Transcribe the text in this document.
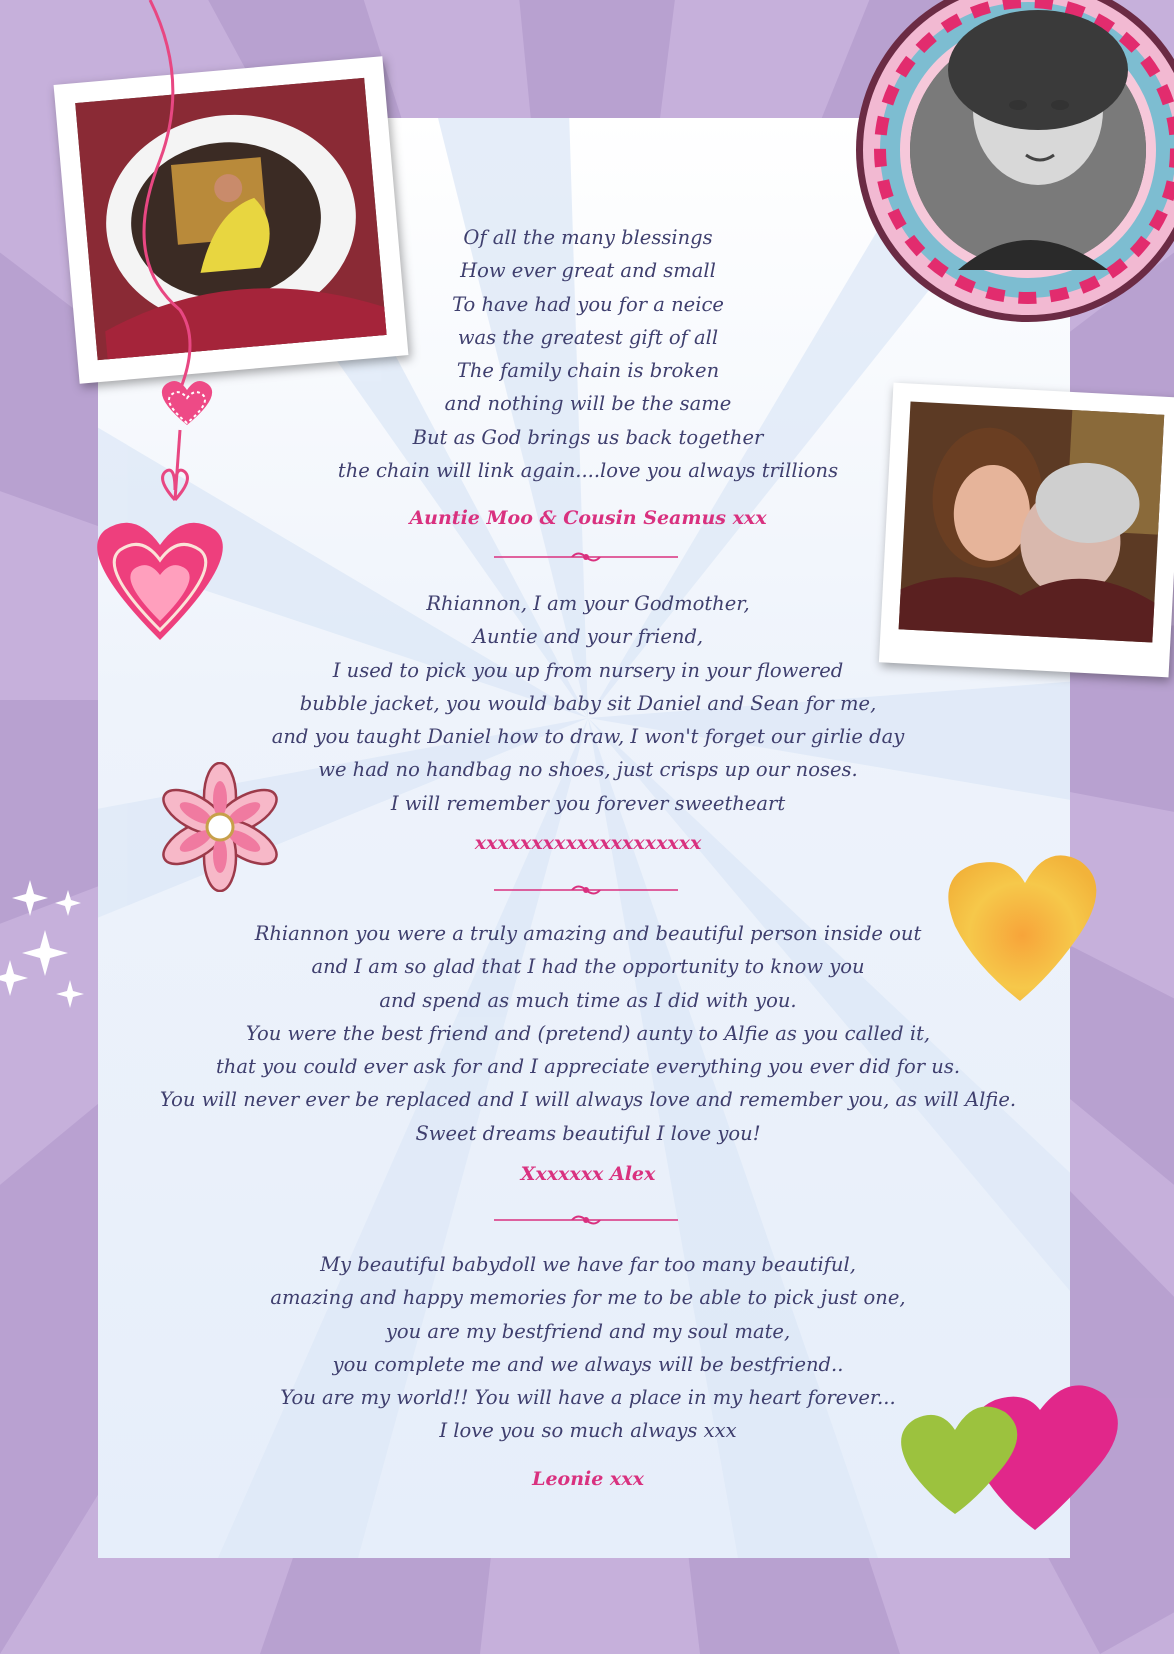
Of all the many blessings
How ever great and small
To have had you for a neice
was the greatest gift of all
The family chain is broken
and nothing will be the same
But as God brings us back together
the chain will link again....love you always trillions
Auntie Moo & Cousin Seamus xxx
Rhiannon, I am your Godmother,
Auntie and your friend,
I used to pick you up from nursery in your flowered
bubble jacket, you would baby sit Daniel and Sean for me,
and you taught Daniel how to draw, I won't forget our girlie day
we had no handbag no shoes, just crisps up our noses.
I will remember you forever sweetheart
xxxxxxxxxxxxxxxxxxxx
Rhiannon you were a truly amazing and beautiful person inside out
and I am so glad that I had the opportunity to know you
and spend as much time as I did with you.
You were the best friend and (pretend) aunty to Alfie as you called it,
that you could ever ask for and I appreciate everything you ever did for us.
You will never ever be replaced and I will always love and remember you, as will Alfie.
Sweet dreams beautiful I love you!
Xxxxxxx Alex
My beautiful babydoll we have far too many beautiful,
amazing and happy memories for me to be able to pick just one,
you are my bestfriend and my soul mate,
you complete me and we always will be bestfriend..
You are my world!! You will have a place in my heart forever...
I love you so much always xxx
Leonie xxx
